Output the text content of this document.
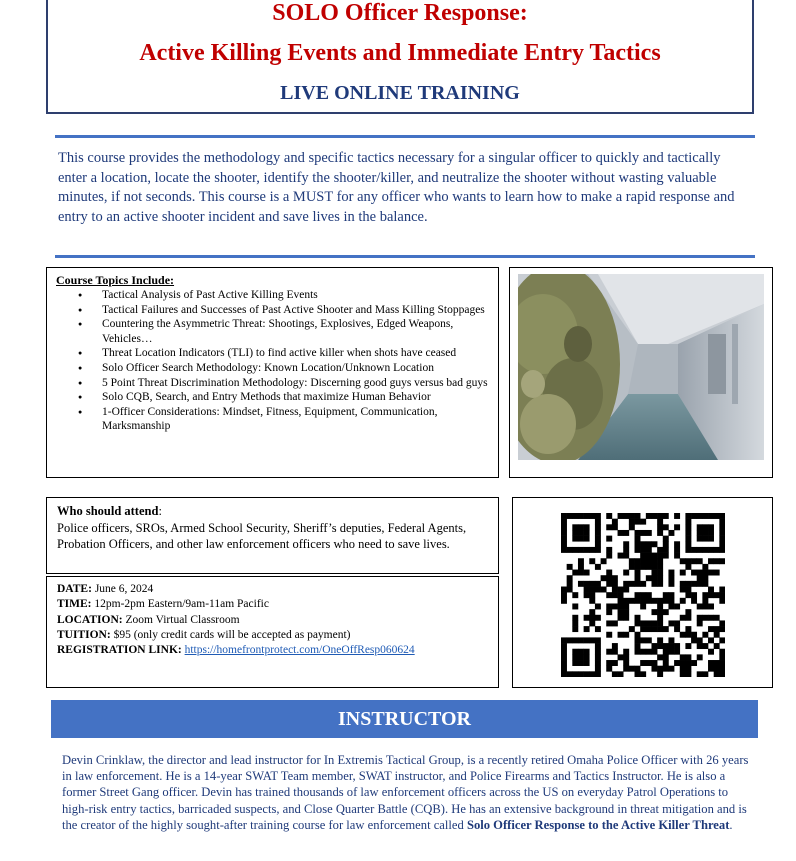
SOLO Officer Response:
Active Killing Events and Immediate Entry Tactics
LIVE ONLINE TRAINING
This course provides the methodology and specific tactics necessary for a singular officer to quickly and tactically enter a location, locate the shooter, identify the shooter/killer, and neutralize the shooter without wasting valuable minutes, if not seconds. This course is a MUST for any officer who wants to learn how to make a rapid response and entry to an active shooter incident and save lives in the balance.
Course Topics Include:
● Tactical Analysis of Past Active Killing Events
● Tactical Failures and Successes of Past Active Shooter and Mass Killing Stoppages
● Countering the Asymmetric Threat: Shootings, Explosives, Edged Weapons, Vehicles…
● Threat Location Indicators (TLI) to find active killer when shots have ceased
● Solo Officer Search Methodology: Known Location/Unknown Location
● 5 Point Threat Discrimination Methodology: Discerning good guys versus bad guys
● Solo CQB, Search, and Entry Methods that maximize Human Behavior
● 1-Officer Considerations: Mindset, Fitness, Equipment, Communication, Marksmanship
Who should attend:
Police officers, SROs, Armed School Security, Sheriff’s deputies, Federal Agents, Probation Officers, and other law enforcement officers who need to save lives.
DATE: June 6, 2024
TIME: 12pm-2pm Eastern/9am-11am Pacific
LOCATION: Zoom Virtual Classroom
TUITION: $95 (only credit cards will be accepted as payment)
REGISTRATION LINK: https://homefrontprotect.com/OneOffResp060624
INSTRUCTOR
Devin Crinklaw, the director and lead instructor for In Extremis Tactical Group, is a recently retired Omaha Police Officer with 26 years in law enforcement. He is a 14-year SWAT Team member, SWAT instructor, and Police Firearms and Tactics Instructor. He is also a former Street Gang officer. Devin has trained thousands of law enforcement officers across the US on everyday Patrol Operations to high-risk entry tactics, barricaded suspects, and Close Quarter Battle (CQB). He has an extensive background in threat mitigation and is the creator of the highly sought-after training course for law enforcement called Solo Officer Response to the Active Killer Threat.
